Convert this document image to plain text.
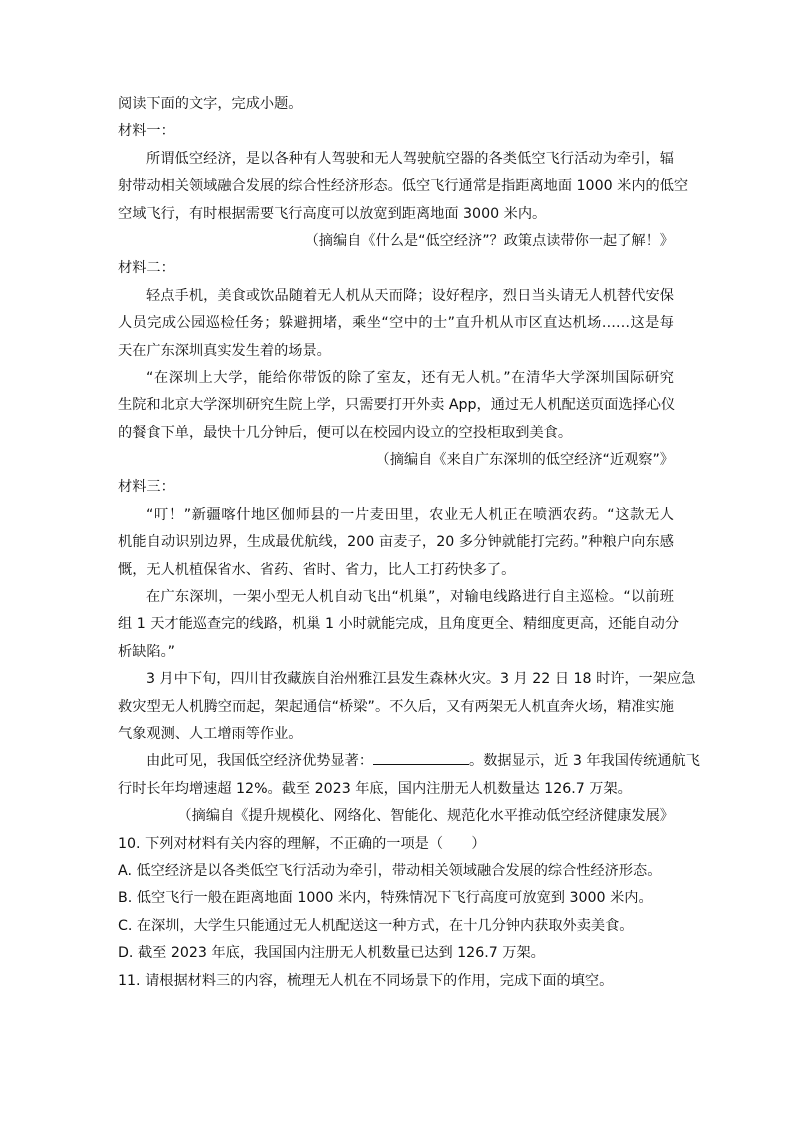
阅读下面的文字，完成小题。
材料一：
所谓低空经济，是以各种有人驾驶和无人驾驶航空器的各类低空飞行活动为牵引，辐
射带动相关领域融合发展的综合性经济形态。低空飞行通常是指距离地面 1000 米内的低空
空域飞行，有时根据需要飞行高度可以放宽到距离地面 3000 米内。
（摘编自《什么是“低空经济”？政策点读带你一起了解！》
材料二：
轻点手机，美食或饮品随着无人机从天而降；设好程序，烈日当头请无人机替代安保
人员完成公园巡检任务；躲避拥堵，乘坐“空中的士”直升机从市区直达机场……这是每
天在广东深圳真实发生着的场景。
“在深圳上大学，能给你带饭的除了室友，还有无人机。”在清华大学深圳国际研究
生院和北京大学深圳研究生院上学，只需要打开外卖 App，通过无人机配送页面选择心仪
的餐食下单，最快十几分钟后，便可以在校园内设立的空投柜取到美食。
（摘编自《来自广东深圳的低空经济“近观察”》
材料三：
“叮！”新疆喀什地区伽师县的一片麦田里，农业无人机正在喷洒农药。“这款无人
机能自动识别边界，生成最优航线，200 亩麦子，20 多分钟就能打完药。”种粮户向东感
慨，无人机植保省水、省药、省时、省力，比人工打药快多了。
在广东深圳，一架小型无人机自动飞出“机巢”，对输电线路进行自主巡检。“以前班
组 1 天才能巡查完的线路，机巢 1 小时就能完成，且角度更全、精细度更高，还能自动分
析缺陷。”
3 月中下旬，四川甘孜藏族自治州雅江县发生森林火灾。3 月 22 日 18 时许，一架应急
救灾型无人机腾空而起，架起通信“桥梁”。不久后，又有两架无人机直奔火场，精准实施
气象观测、人工增雨等作业。
由此可见，我国低空经济优势显著：	。数据显示，近 3 年我国传统通航飞
行时长年均增速超 12%。截至 2023 年底，国内注册无人机数量达 126.7 万架。
（摘编自《提升规模化、网络化、智能化、规范化水平推动低空经济健康发展》
10. 下列对材料有关内容的理解，不正确的一项是（　　）
A. 低空经济是以各类低空飞行活动为牵引，带动相关领域融合发展的综合性经济形态。
B. 低空飞行一般在距离地面 1000 米内，特殊情况下飞行高度可放宽到 3000 米内。
C. 在深圳，大学生只能通过无人机配送这一种方式，在十几分钟内获取外卖美食。
D. 截至 2023 年底，我国国内注册无人机数量已达到 126.7 万架。
11. 请根据材料三的内容，梳理无人机在不同场景下的作用，完成下面的填空。
